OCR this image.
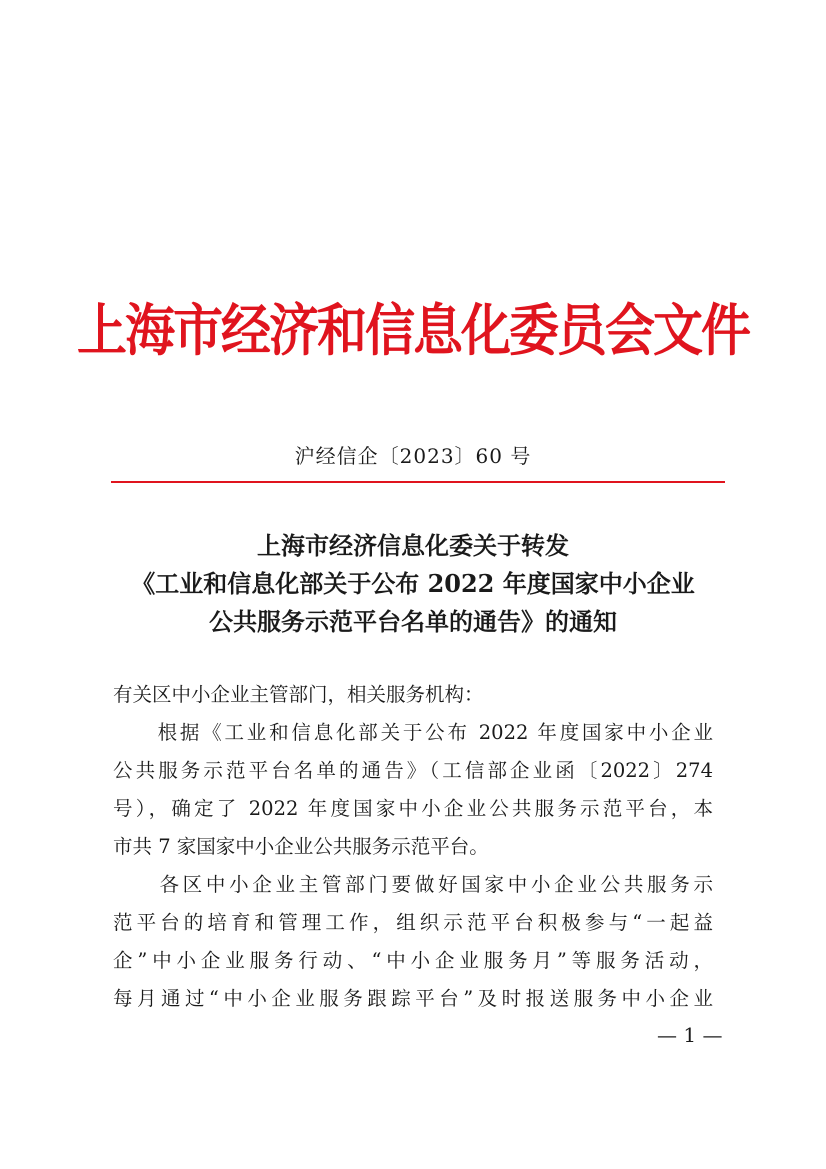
上海市经济和信息化委员会文件
沪经信企〔2023〕60 号
上海市经济信息化委关于转发
《工业和信息化部关于公布 2022 年度国家中小企业
公共服务示范平台名单的通告》的通知
有关区中小企业主管部门，相关服务机构：
　　根据《工业和信息化部关于公布 2022 年度国家中小企业
公共服务示范平台名单的通告》（工信部企业函〔2022〕274
号），确定了 2022 年度国家中小企业公共服务示范平台，本
市共 7 家国家中小企业公共服务示范平台。
　　各区中小企业主管部门要做好国家中小企业公共服务示
范平台的培育和管理工作，组织示范平台积极参与“一起益
企”中小企业服务行动、“中小企业服务月”等服务活动，
每月通过“中小企业服务跟踪平台”及时报送服务中小企业
— 1 —
